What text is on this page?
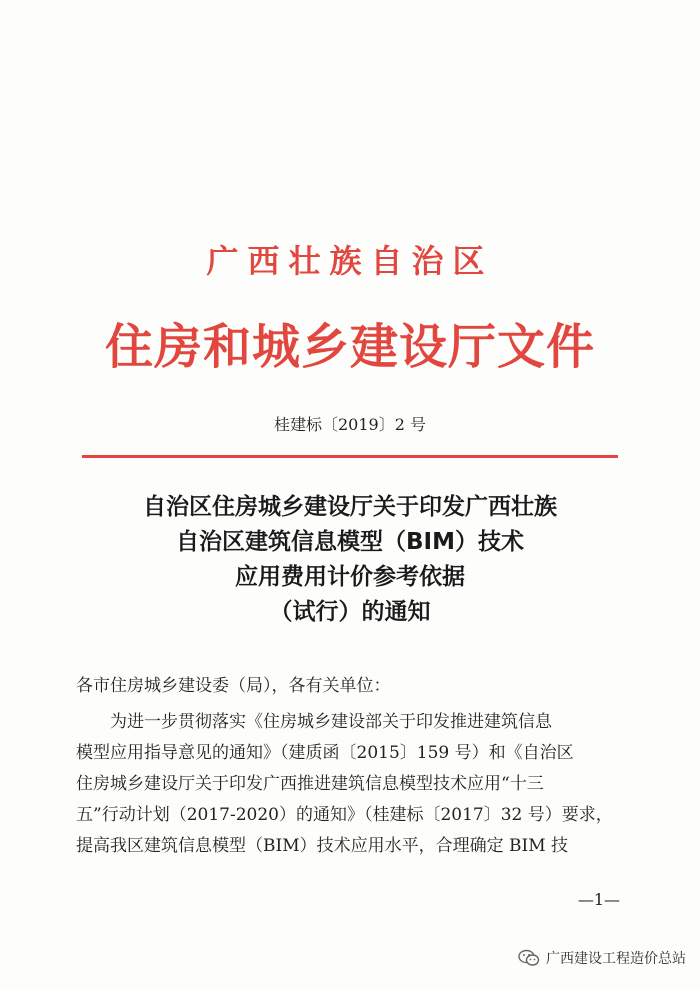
广西壮族自治区
住房和城乡建设厅文件
桂建标〔2019〕2 号
自治区住房城乡建设厅关于印发广西壮族
自治区建筑信息模型（BIM）技术
应用费用计价参考依据
（试行）的通知
各市住房城乡建设委（局），各有关单位：
为进一步贯彻落实《住房城乡建设部关于印发推进建筑信息
模型应用指导意见的通知》（建质函〔2015〕159 号）和《自治区
住房城乡建设厅关于印发广西推进建筑信息模型技术应用“十三
五”行动计划（2017-2020）的通知》（桂建标〔2017〕32 号）要求，
提高我区建筑信息模型（BIM）技术应用水平，合理确定 BIM 技
—1—
广西建设工程造价总站
